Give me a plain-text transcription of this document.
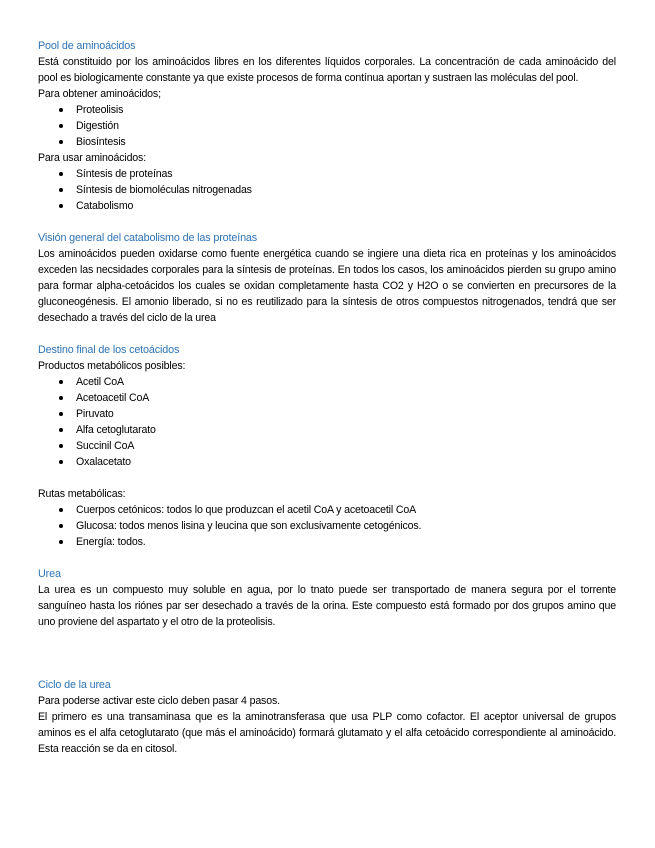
Pool de aminoácidos

Está constituido por los aminoácidos libres en los diferentes líquidos corporales. La concentración de cada aminoácido del pool es biologicamente constante ya que existe procesos de forma contínua aportan y sustraen las moléculas del pool.

Para obtener aminoácidos;

Proteolisis
Digestión
Biosíntesis

Para usar aminoácidos:

Síntesis de proteínas
Síntesis de biomoléculas nitrogenadas
Catabolismo
Visión general del catabolismo de las proteínas

Los aminoácidos pueden oxidarse como fuente energética cuando se ingiere una dieta rica en proteínas y los aminoácidos exceden las necsidades corporales para la síntesis de proteínas. En todos los casos, los aminoácidos pierden su grupo amino para formar alpha-cetoácidos los cuales se oxidan completamente hasta CO2 y H2O o se convierten en precursores de la gluconeogénesis. El amonio liberado, si no es reutilizado para la síntesis de otros compuestos nitrogenados, tendrá que ser desechado a través del ciclo de la urea

Destino final de los cetoácidos

Productos metabólicos posibles:

Acetil CoA
Acetoacetil CoA
Piruvato
Alfa cetoglutarato
Succinil CoA
Oxalacetato

Rutas metabólicas:

Cuerpos cetónicos: todos lo que produzcan el acetil CoA y acetoacetil CoA
Glucosa: todos menos lisina y leucina que son exclusivamente cetogénicos.
Energía: todos.
Urea

La urea es un compuesto muy soluble en agua, por lo tnato puede ser transportado de manera segura por el torrente sanguíneo hasta los riónes par ser desechado a través de la orina. Este compuesto está formado por dos grupos amino que uno proviene del aspartato y el otro de la proteolisis.

Ciclo de la urea

Para poderse activar este ciclo deben pasar 4 pasos.

El primero es una transaminasa que es la aminotransferasa que usa PLP como cofactor. El aceptor universal de grupos aminos es el alfa cetoglutarato (que más el aminoácido) formará glutamato y el alfa cetoácido correspondiente al aminoácido. Esta reacción se da en citosol.
